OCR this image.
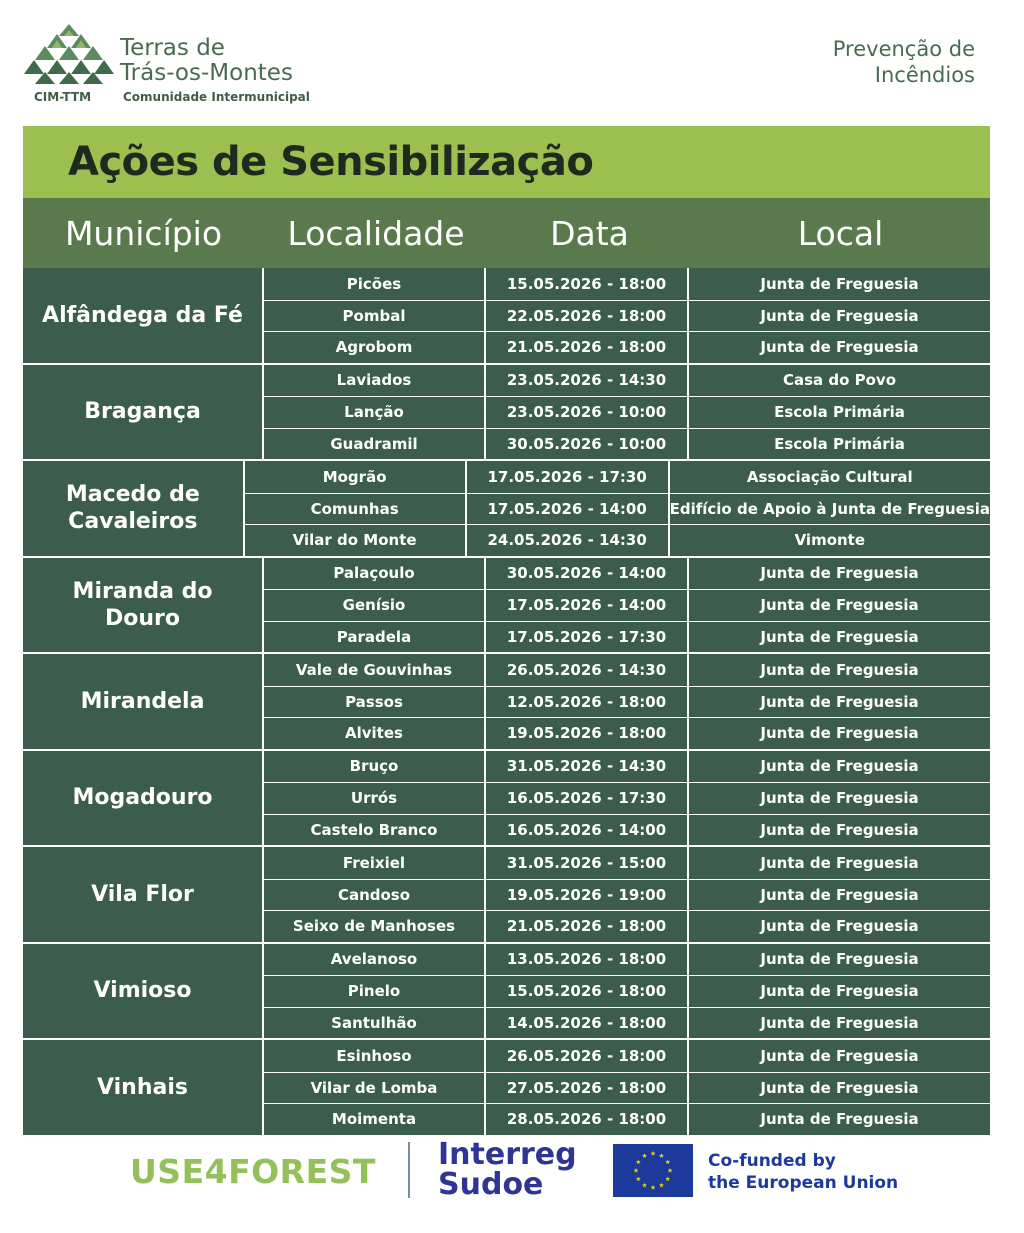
Terras de
Trás-os-Montes
CIM-TTM	Comunidade Intermunicipal
Prevenção de
Incêndios
Ações de Sensibilização
Município	Localidade	Data	Local
Alfândega da Fé
Picões	15.05.2026 - 18:00	Junta de Freguesia
Pombal	22.05.2026 - 18:00	Junta de Freguesia
Agrobom	21.05.2026 - 18:00	Junta de Freguesia
Bragança
Laviados	23.05.2026 - 14:30	Casa do Povo
Lanção	23.05.2026 - 10:00	Escola Primária
Guadramil	30.05.2026 - 10:00	Escola Primária
Macedo de Cavaleiros
Mogrão	17.05.2026 - 17:30	Associação Cultural
Comunhas	17.05.2026 - 14:00	Edifício de Apoio à Junta de Freguesia
Vilar do Monte	24.05.2026 - 14:30	Vimonte
Miranda do Douro
Palaçoulo	30.05.2026 - 14:00	Junta de Freguesia
Genísio	17.05.2026 - 14:00	Junta de Freguesia
Paradela	17.05.2026 - 17:30	Junta de Freguesia
Mirandela
Vale de Gouvinhas	26.05.2026 - 14:30	Junta de Freguesia
Passos	12.05.2026 - 18:00	Junta de Freguesia
Alvites	19.05.2026 - 18:00	Junta de Freguesia
Mogadouro
Bruço	31.05.2026 - 14:30	Junta de Freguesia
Urrós	16.05.2026 - 17:30	Junta de Freguesia
Castelo Branco	16.05.2026 - 14:00	Junta de Freguesia
Vila Flor
Freixiel	31.05.2026 - 15:00	Junta de Freguesia
Candoso	19.05.2026 - 19:00	Junta de Freguesia
Seixo de Manhoses	21.05.2026 - 18:00	Junta de Freguesia
Vimioso
Avelanoso	13.05.2026 - 18:00	Junta de Freguesia
Pinelo	15.05.2026 - 18:00	Junta de Freguesia
Santulhão	14.05.2026 - 18:00	Junta de Freguesia
Vinhais
Esinhoso	26.05.2026 - 18:00	Junta de Freguesia
Vilar de Lomba	27.05.2026 - 18:00	Junta de Freguesia
Moimenta	28.05.2026 - 18:00	Junta de Freguesia
USE4FOREST Interreg
Sudoe
Co-funded by
the European Union
